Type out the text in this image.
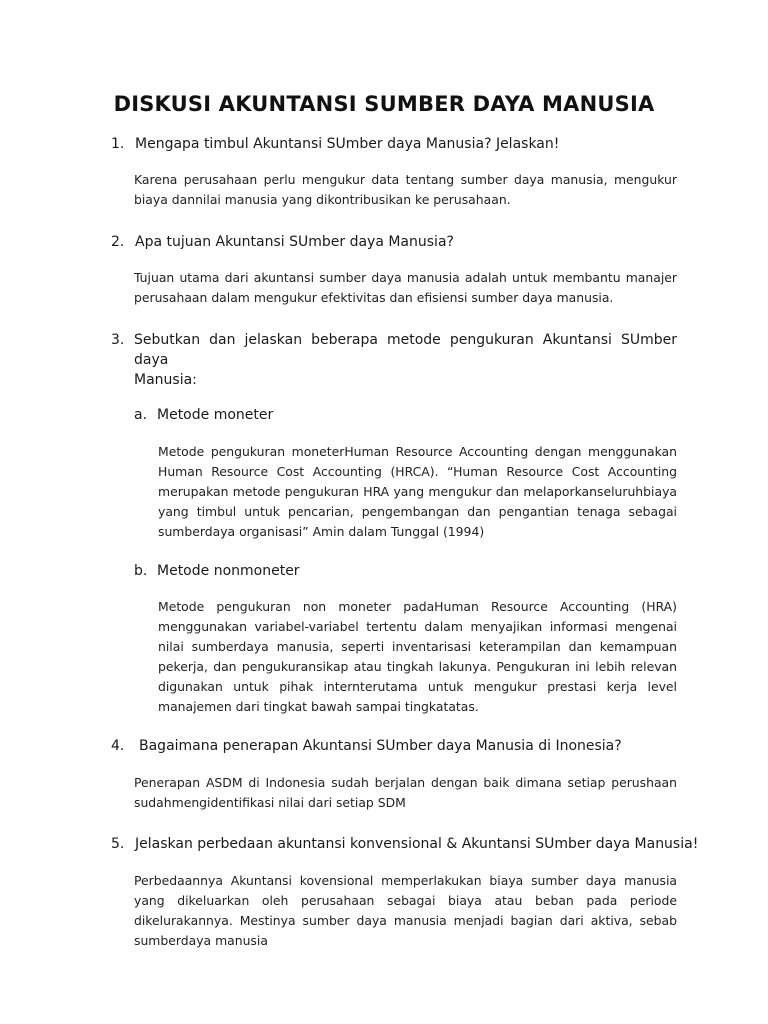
DISKUSI AKUNTANSI SUMBER DAYA MANUSIA
1. Mengapa timbul Akuntansi SUmber daya Manusia? Jelaskan!
Karena perusahaan perlu mengukur data tentang sumber daya manusia, mengukur biaya dannilai manusia yang dikontribusikan ke perusahaan.
2. Apa tujuan Akuntansi SUmber daya Manusia?
Tujuan utama dari akuntansi sumber daya manusia adalah untuk membantu manajer perusahaan dalam mengukur efektivitas dan efisiensi sumber daya manusia.
3. Sebutkan dan jelaskan beberapa metode pengukuran Akuntansi SUmber daya
Manusia:
a. Metode moneter
Metode pengukuran moneterHuman Resource Accounting dengan menggunakan Human Resource Cost Accounting (HRCA). “Human Resource Cost Accounting merupakan metode pengukuran HRA yang mengukur dan melaporkanseluruhbiaya yang timbul untuk pencarian, pengembangan dan pengantian tenaga sebagai sumberdaya organisasi” Amin dalam Tunggal (1994)
b. Metode nonmoneter
Metode pengukuran non moneter padaHuman Resource Accounting (HRA) menggunakan variabel-variabel tertentu dalam menyajikan informasi mengenai nilai sumberdaya manusia, seperti inventarisasi keterampilan dan kemampuan pekerja, dan pengukuransikap atau tingkah lakunya. Pengukuran ini lebih relevan digunakan untuk pihak internterutama untuk mengukur prestasi kerja level manajemen dari tingkat bawah sampai tingkatatas.
4. Bagaimana penerapan Akuntansi SUmber daya Manusia di Inonesia?
Penerapan ASDM di Indonesia sudah berjalan dengan baik dimana setiap perushaan sudahmengidentifikasi nilai dari setiap SDM
5. Jelaskan perbedaan akuntansi konvensional & Akuntansi SUmber daya Manusia!
Perbedaannya Akuntansi kovensional memperlakukan biaya sumber daya manusia yang dikeluarkan oleh perusahaan sebagai biaya atau beban pada periode dikelurakannya. Mestinya sumber daya manusia menjadi bagian dari aktiva, sebab sumberdaya manusia
